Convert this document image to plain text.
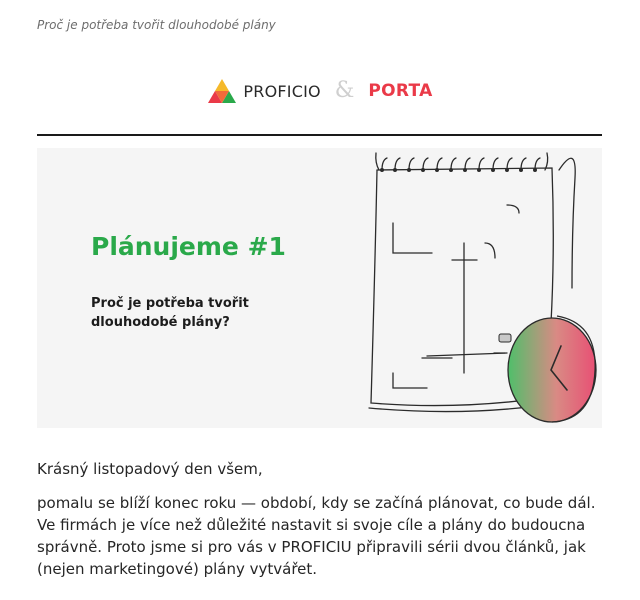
Proč je potřeba tvořit dlouhodobé plány
PROFICIO & PORTA
Plánujeme #1
Proč je potřeba tvořit dlouhodobé plány?

Krásný listopadový den všem,

pomalu se blíží konec roku — období, kdy se začíná plánovat, co bude dál. Ve firmách je více než důležité nastavit si svoje cíle a plány do budoucna správně. Proto jsme si pro vás v PROFICIU připravili sérii dvou článků, jak (nejen marketingové) plány vytvářet.
